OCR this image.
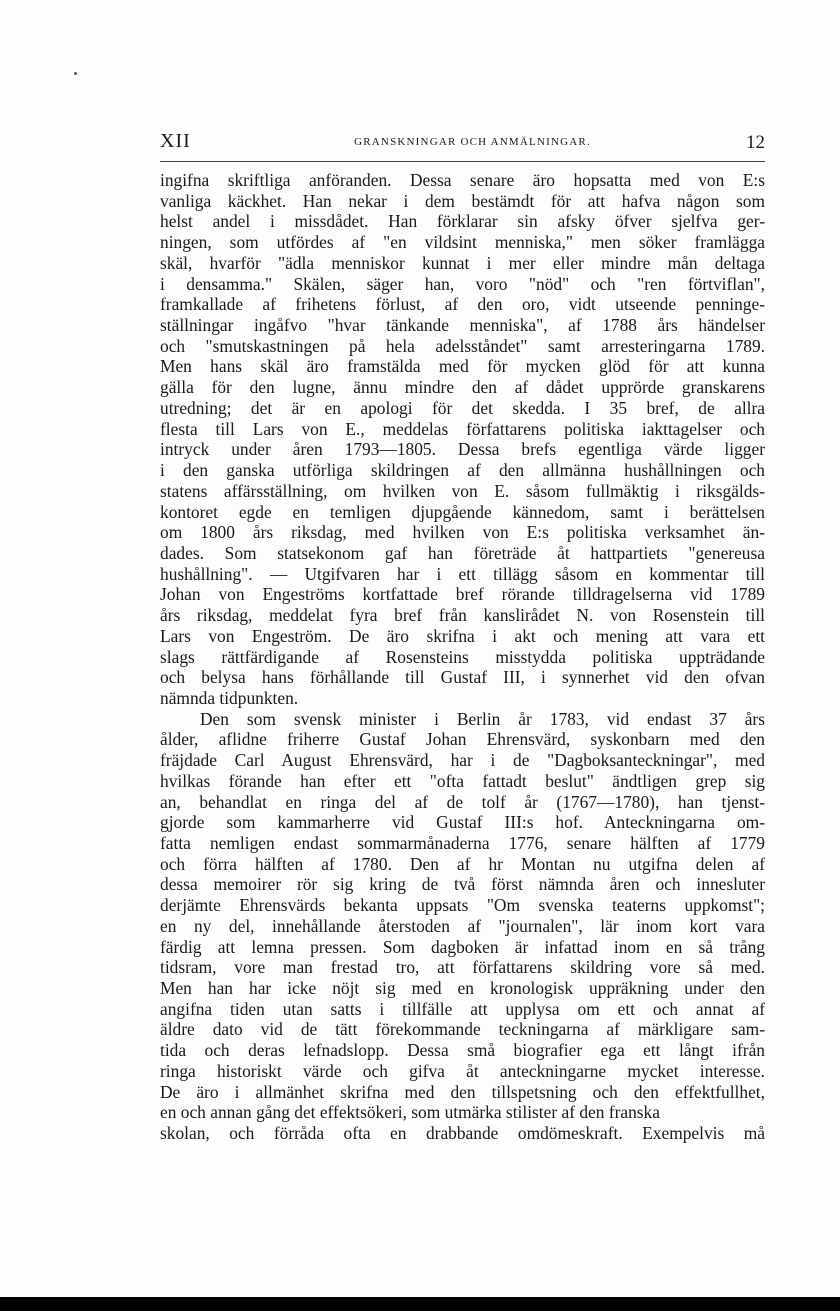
XII	GRANSKNINGAR OCH ANMÄLNINGAR.	12
ingifna skriftliga anföranden. Dessa senare äro hopsatta med von E:s
vanliga käckhet. Han nekar i dem bestämdt för att hafva någon som
helst andel i missdådet. Han förklarar sin afsky öfver sjelfva ger-
ningen, som utfördes af "en vildsint menniska," men söker framlägga
skäl, hvarför "ädla menniskor kunnat i mer eller mindre mån deltaga
i densamma." Skälen, säger han, voro "nöd" och "ren förtviflan",
framkallade af frihetens förlust, af den oro, vidt utseende penninge-
ställningar ingåfvo "hvar tänkande menniska", af 1788 års händelser
och "smutskastningen på hela adelsståndet" samt arresteringarna 1789.
Men hans skäl äro framstälda med för mycken glöd för att kunna
gälla för den lugne, ännu mindre den af dådet upprörde granskarens
utredning; det är en apologi för det skedda. I 35 bref, de allra
flesta till Lars von E., meddelas författarens politiska iakttagelser och
intryck under åren 1793—1805. Dessa brefs egentliga värde ligger
i den ganska utförliga skildringen af den allmänna hushållningen och
statens affärsställning, om hvilken von E. såsom fullmäktig i riksgälds-
kontoret egde en temligen djupgående kännedom, samt i berättelsen
om 1800 års riksdag, med hvilken von E:s politiska verksamhet än-
dades. Som statsekonom gaf han företräde åt hattpartiets "genereusa
hushållning". — Utgifvaren har i ett tillägg såsom en kommentar till
Johan von Engeströms kortfattade bref rörande tilldragelserna vid 1789
års riksdag, meddelat fyra bref från kanslirådet N. von Rosenstein till
Lars von Engeström. De äro skrifna i akt och mening att vara ett
slags rättfärdigande af Rosensteins misstydda politiska uppträdande
och belysa hans förhållande till Gustaf III, i synnerhet vid den ofvan
nämnda tidpunkten.
Den som svensk minister i Berlin år 1783, vid endast 37 års
ålder, aflidne friherre Gustaf Johan Ehrensvärd, syskonbarn med den
fräjdade Carl August Ehrensvärd, har i de "Dagboksanteckningar", med
hvilkas förande han efter ett "ofta fattadt beslut" ändtligen grep sig
an, behandlat en ringa del af de tolf år (1767—1780), han tjenst-
gjorde som kammarherre vid Gustaf III:s hof. Anteckningarna om-
fatta nemligen endast sommarmånaderna 1776, senare hälften af 1779
och förra hälften af 1780. Den af hr Montan nu utgifna delen af
dessa memoirer rör sig kring de två först nämnda åren och innesluter
derjämte Ehrensvärds bekanta uppsats "Om svenska teaterns uppkomst";
en ny del, innehållande återstoden af "journalen", lär inom kort vara
färdig att lemna pressen. Som dagboken är infattad inom en så trång
tidsram, vore man frestad tro, att författarens skildring vore så med.
Men han har icke nöjt sig med en kronologisk uppräkning under den
angifna tiden utan satts i tillfälle att upplysa om ett och annat af
äldre dato vid de tätt förekommande teckningarna af märkligare sam-
tida och deras lefnadslopp. Dessa små biografier ega ett långt ifrån
ringa historiskt värde och gifva åt anteckningarne mycket interesse.
De äro i allmänhet skrifna med den tillspetsning och den effektfullhet,
en och annan gång det effektsökeri, som utmärka stilister af den franska
skolan, och förråda ofta en drabbande omdömeskraft. Exempelvis må
